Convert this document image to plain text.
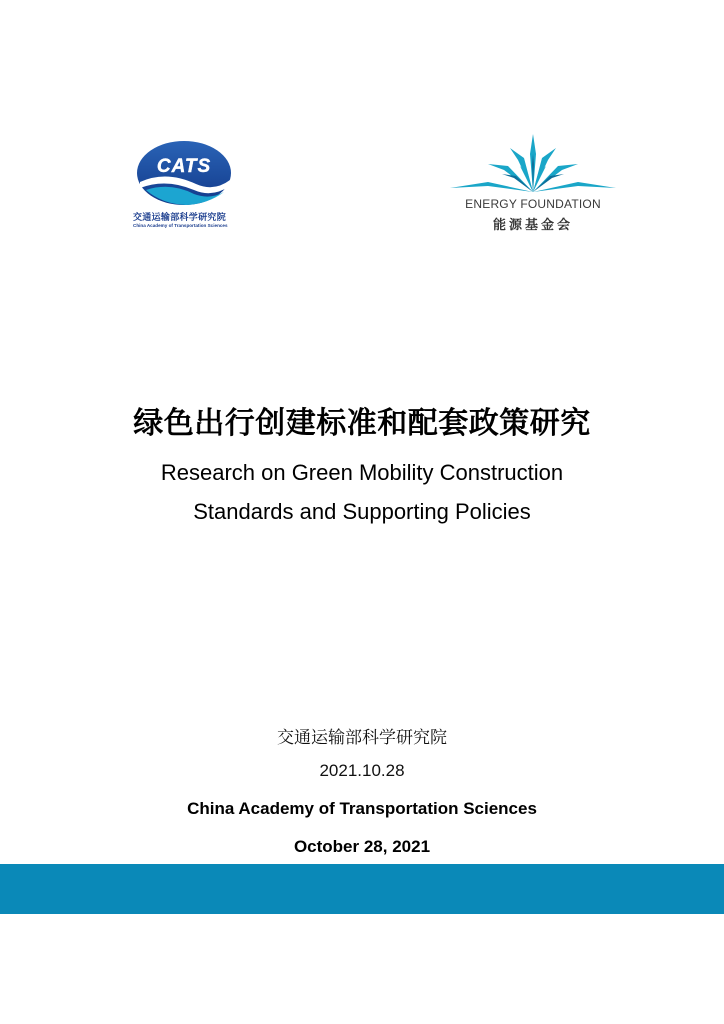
CATS
交通运输部科学研究院
China Academy of Transportation Sciences
ENERGY FOUNDATION
能源基金会
绿色出行创建标准和配套政策研究
Research on Green Mobility Construction
Standards and Supporting Policies
交通运输部科学研究院
2021.10.28
China Academy of Transportation Sciences
October 28, 2021
